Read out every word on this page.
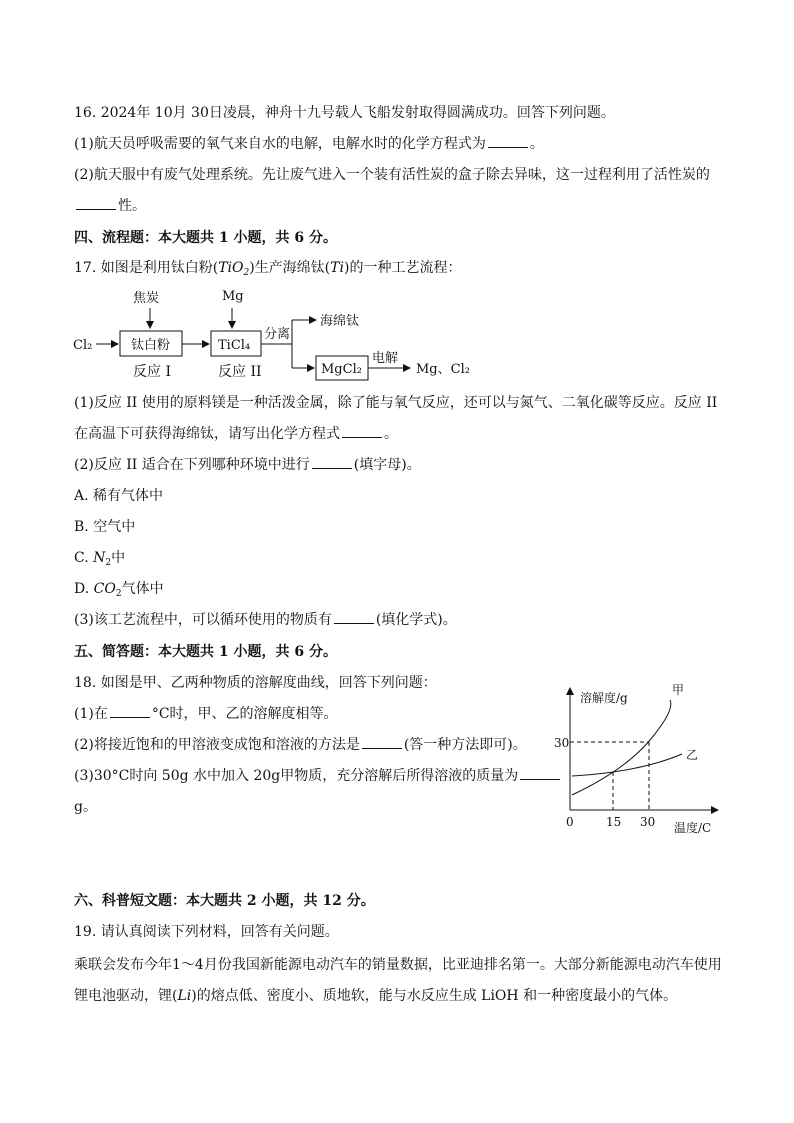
16. 2024年 10月 30日凌晨，神舟十九号载人飞船发射取得圆满成功。回答下列问题。
(1)航天员呼吸需要的氧气来自水的电解，电解水时的化学方程式为	。
(2)航天服中有废气处理系统。先让废气进入一个装有活性炭的盒子除去异味，这一过程利用了活性炭的
性。
四、流程题：本大题共 1 小题，共 6 分。
17. 如图是利用钛白粉(TiO$_2$)生产海绵钛(Ti)的一种工艺流程：
Cl₂	钛白粉
焦炭
TiCl₄
Mg
分离
海绵钛
MgCl₂
电解
Mg、Cl₂
反应 I	反应 II
(1)反应 II 使用的原料镁是一种活泼金属，除了能与氧气反应，还可以与氮气、二氧化碳等反应。反应 II
在高温下可获得海绵钛，请写出化学方程式	。
(2)反应 II 适合在下列哪种环境中进行	(填字母)。
A. 稀有气体中
B. 空气中
C. $N_2$中
D. $CO_2$气体中
(3)该工艺流程中，可以循环使用的物质有	(填化学式)。
五、简答题：本大题共 1 小题，共 6 分。
18. 如图是甲、乙两种物质的溶解度曲线，回答下列问题：
(1)在	°C时，甲、乙的溶解度相等。
(2)将接近饱和的甲溶液变成饱和溶液的方法是	(答一种方法即可)。
(3)30°C时向 50g 水中加入 20g甲物质，充分溶解后所得溶液的质量为
g。
溶解度/g
温度/C
30
0	15 30
甲
乙
六、科普短文题：本大题共 2 小题，共 12 分。
19. 请认真阅读下列材料，回答有关问题。
乘联会发布今年1～4月份我国新能源电动汽车的销量数据，比亚迪排名第一。大部分新能源电动汽车使用
锂电池驱动，锂(Li)的熔点低、密度小、质地软，能与水反应生成 LiOH 和一种密度最小的气体。
